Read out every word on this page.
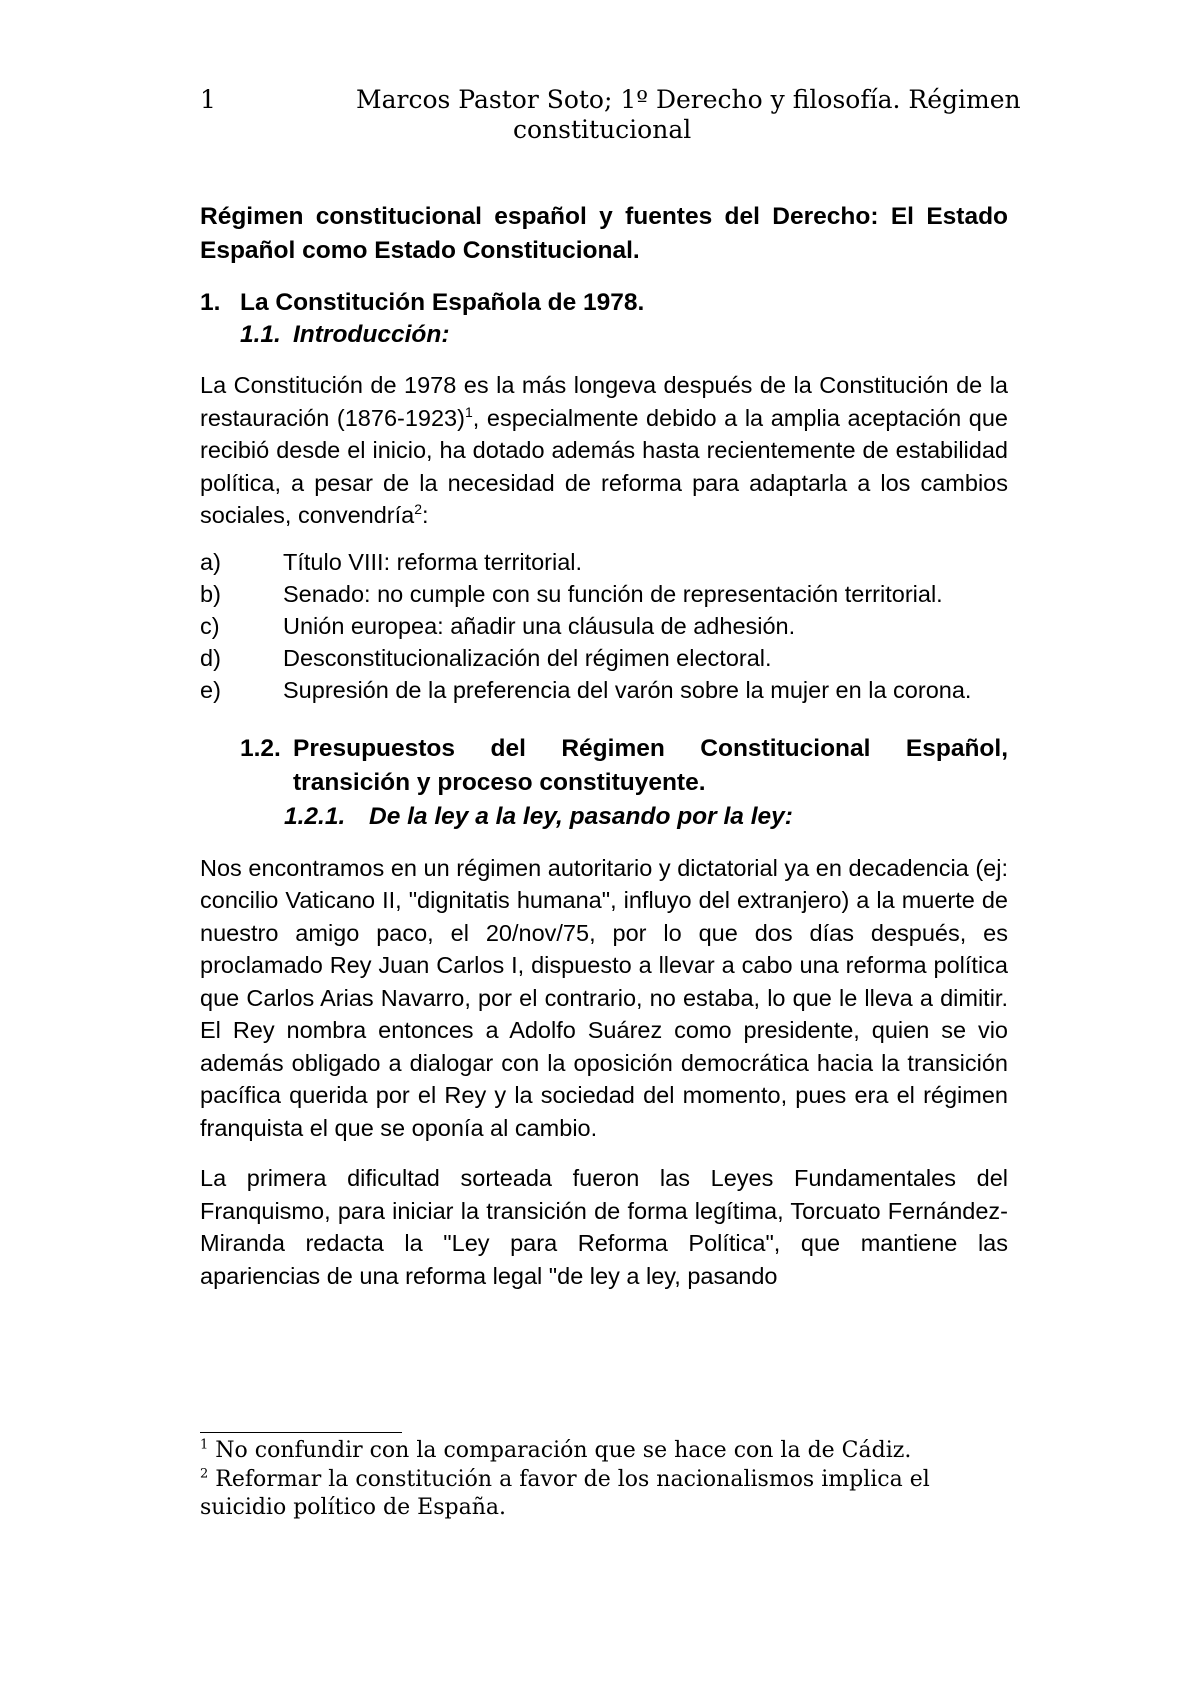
1	Marcos Pastor Soto; 1º Derecho y filosofía. Régimen
constitucional

Régimen constitucional español y fuentes del Derecho: El Estado Español como Estado Constitucional.

1. La Constitución Española de 1978.
1.1. Introducción:

La Constitución de 1978 es la más longeva después de la Constitución de la restauración (1876-1923)$^1$, especialmente debido a la amplia aceptación que recibió desde el inicio, ha dotado además hasta recientemente de estabilidad política, a pesar de la necesidad de reforma para adaptarla a los cambios sociales, convendría$^2$:

a)	Título VIII: reforma territorial.
b)	Senado: no cumple con su función de representación territorial.
c)	Unión europea: añadir una cláusula de adhesión.
d)	Desconstitucionalización del régimen electoral.
e)	Supresión de la preferencia del varón sobre la mujer en la corona.
1.2. Presupuestos del Régimen Constitucional Español, transición y proceso constituyente.
1.2.1. De la ley a la ley, pasando por la ley:

Nos encontramos en un régimen autoritario y dictatorial ya en decadencia (ej: concilio Vaticano II, "dignitatis humana", influyo del extranjero) a la muerte de nuestro amigo paco, el 20/nov/75, por lo que dos días después, es proclamado Rey Juan Carlos I, dispuesto a llevar a cabo una reforma política que Carlos Arias Navarro, por el contrario, no estaba, lo que le lleva a dimitir. El Rey nombra entonces a Adolfo Suárez como presidente, quien se vio además obligado a dialogar con la oposición democrática hacia la transición pacífica querida por el Rey y la sociedad del momento, pues era el régimen franquista el que se oponía al cambio.

La primera dificultad sorteada fueron las Leyes Fundamentales del Franquismo, para iniciar la transición de forma legítima, Torcuato Fernández-Miranda redacta la "Ley para Reforma Política", que mantiene las apariencias de una reforma legal "de ley a ley, pasando

$^1$ No confundir con la comparación que se hace con la de Cádiz.
$^2$ Reformar la constitución a favor de los nacionalismos implica el suicidio político de España.
